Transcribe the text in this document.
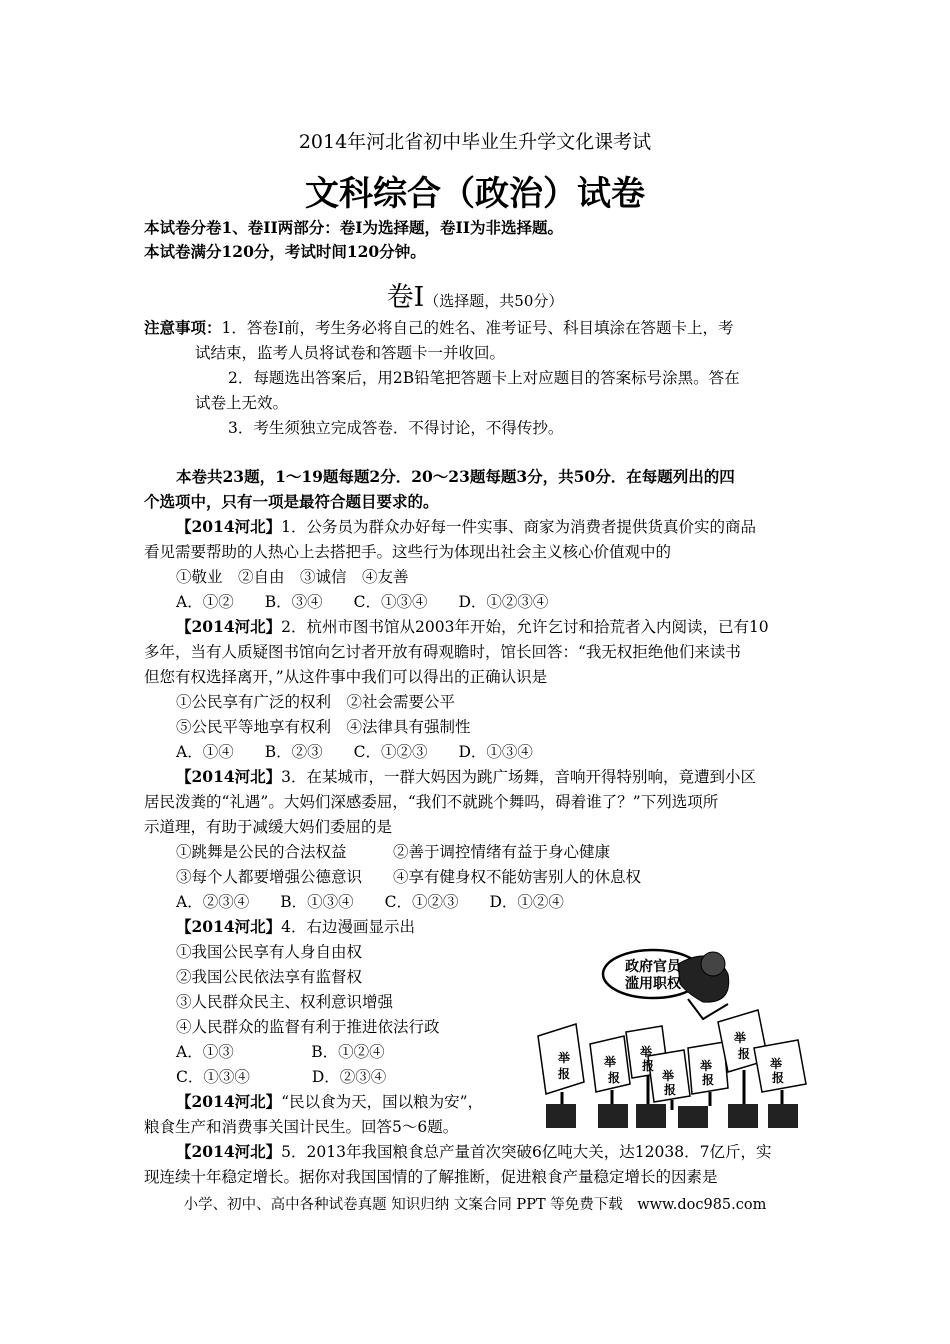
2014年河北省初中毕业生升学文化课考试
文科综合（政治）试卷
本试卷分卷1、卷II两部分：卷I为选择题，卷II为非选择题。
本试卷满分120分，考试时间120分钟。
卷Ⅰ（选择题，共50分）
注意事项：1．答卷I前，考生务必将自己的姓名、准考证号、科目填涂在答题卡上，考
试结束，监考人员将试卷和答题卡一并收回。
2．每题选出答案后，用2B铅笔把答题卡上对应题目的答案标号涂黑。答在
试卷上无效。
3．考生须独立完成答卷．不得讨论，不得传抄。
本卷共23题，1～19题每题2分．20～23题每题3分，共50分．在每题列出的四
个选项中，只有一项是最符合题目要求的。
【2014河北】1．公务员为群众办好每一件实事、商家为消费者提供货真价实的商品
看见需要帮助的人热心上去搭把手。这些行为体现出社会主义核心价值观中的
①敬业　②自由　③诚信　④友善
A．①②　　B．③④　　C．①③④　　D．①②③④
【2014河北】2．杭州市图书馆从2003年开始，允许乞讨和拾荒者入内阅读，已有10
多年，当有人质疑图书馆向乞讨者开放有碍观瞻时，馆长回答：“我无权拒绝他们来读书
但您有权选择离开，”从这件事中我们可以得出的正确认识是
①公民享有广泛的权利　②社会需要公平
⑤公民平等地享有权利　④法律具有强制性
A．①④　　B．②③　　C．①②③　　D．①③④
【2014河北】3．在某城市，一群大妈因为跳广场舞，音响开得特别响，竟遭到小区
居民泼粪的“礼遇”。大妈们深感委屈，“我们不就跳个舞吗，碍着谁了？”下列选项所
示道理，有助于减缓大妈们委屈的是
①跳舞是公民的合法权益　　　②善于调控情绪有益于身心健康
③每个人都要增强公德意识　　④享有健身权不能妨害别人的休息权
A．②③④　　B．①③④　　C．①②③　　D．①②④
【2014河北】4．右边漫画显示出
①我国公民享有人身自由权
②我国公民依法享有监督权
③人民群众民主、权利意识增强
④人民群众的监督有利于推进依法行政
A．①③　　　　　B．①②④
C．①③④　　　　D．②③④
【2014河北】“民以食为天，国以粮为安”，
粮食生产和消费事关国计民生。回答5～6题。
【2014河北】5．2013年我国粮食总产量首次突破6亿吨大关，达12038．7亿斤，实
现连续十年稳定增长。据你对我国国情的了解推断，促进粮食产量稳定增长的因素是
政府官员
滥用职权
举
报
举
报
举
报
举
报
举
报
举
报
举
报
小学、初中、高中各种试卷真题 知识归纳 文案合同 PPT 等免费下载　www.doc985.com
